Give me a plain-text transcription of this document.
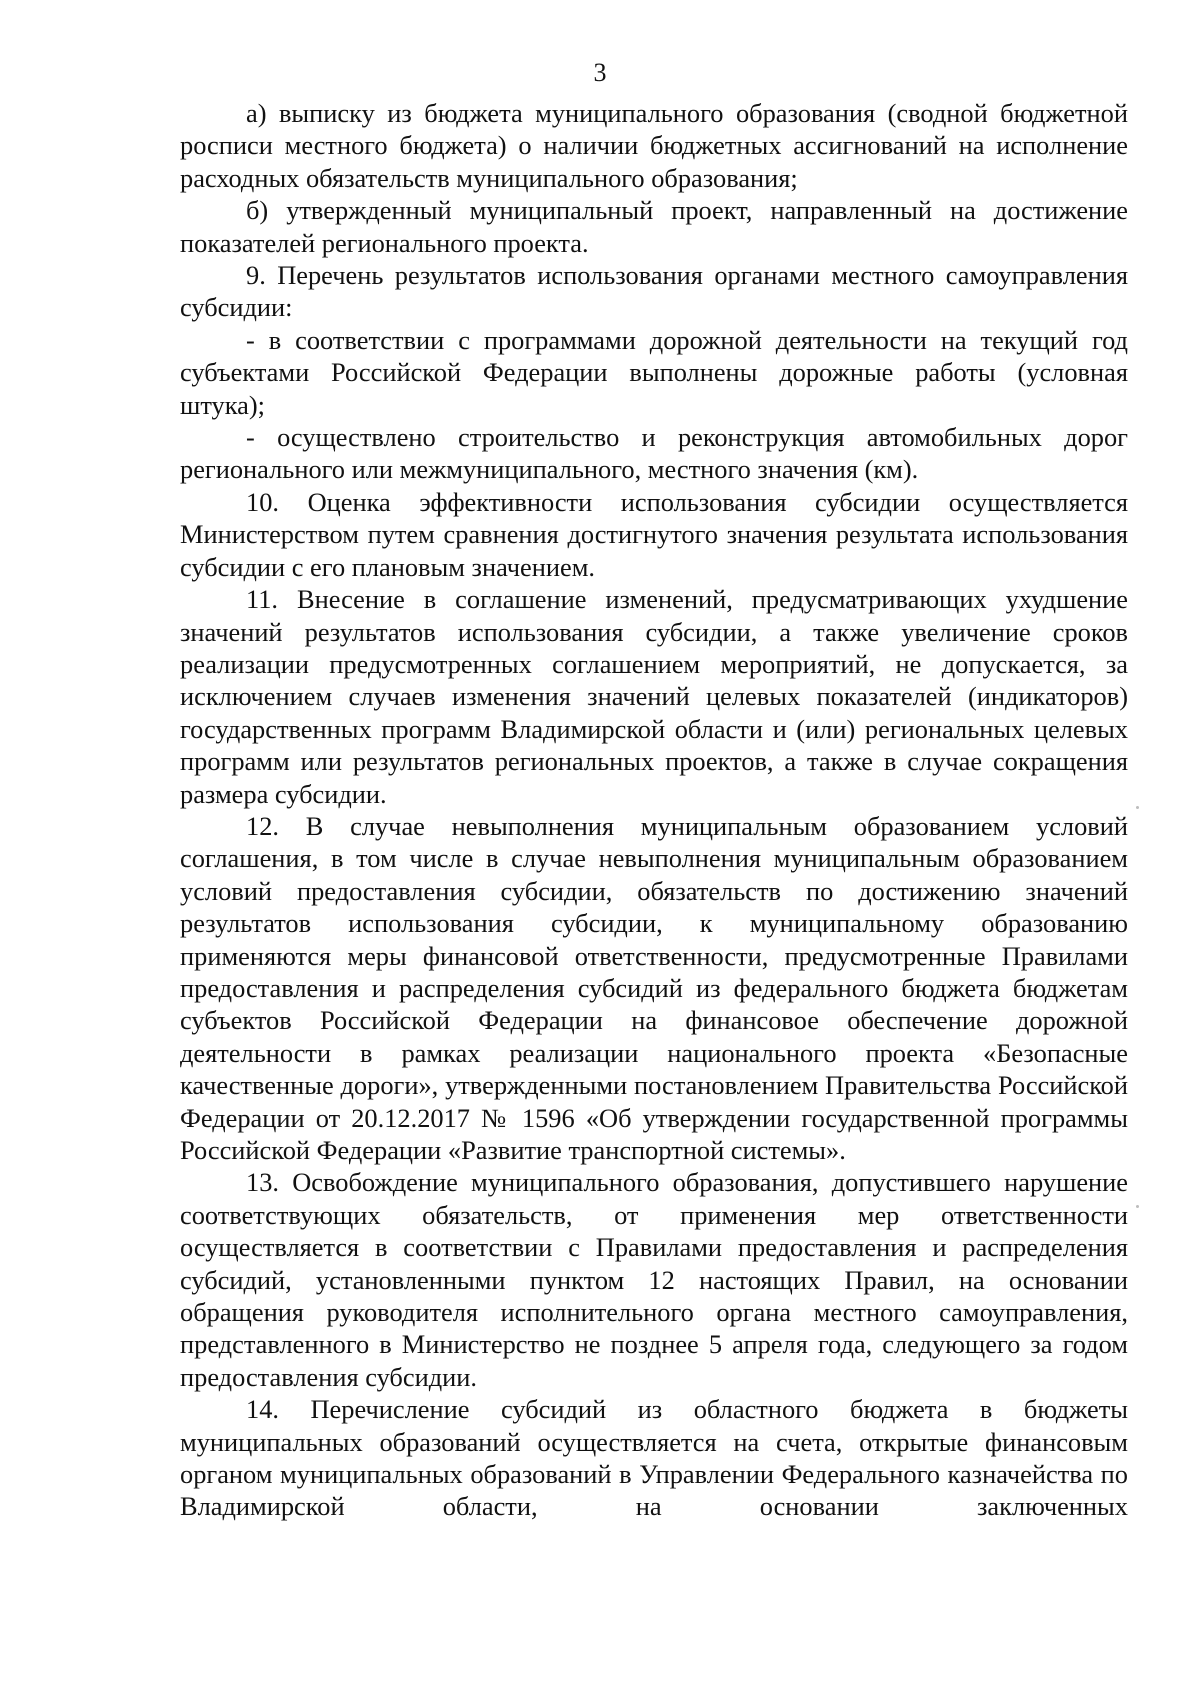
3

а) выписку из бюджета муниципального образования (сводной бюджетной росписи местного бюджета) о наличии бюджетных ассигнований на исполнение расходных обязательств муниципального образования;

б) утвержденный муниципальный проект, направленный на достижение показателей регионального проекта.

9. Перечень результатов использования органами местного самоуправления субсидии:

- в соответствии с программами дорожной деятельности на текущий год субъектами Российской Федерации выполнены дорожные работы (условная штука);

- осуществлено строительство и реконструкция автомобильных дорог регионального или межмуниципального, местного значения (км).

10. Оценка эффективности использования субсидии осуществляется Министерством путем сравнения достигнутого значения результата использования субсидии с его плановым значением.

11. Внесение в соглашение изменений, предусматривающих ухудшение значений результатов использования субсидии, а также увеличение сроков реализации предусмотренных соглашением мероприятий, не допускается, за исключением случаев изменения значений целевых показателей (индикаторов) государственных программ Владимирской области и (или) региональных целевых программ или результатов региональных проектов, а также в случае сокращения размера субсидии.

12. В случае невыполнения муниципальным образованием условий соглашения, в том числе в случае невыполнения муниципальным образованием условий предоставления субсидии, обязательств по достижению значений результатов использования субсидии, к муниципальному образованию применяются меры финансовой ответственности, предусмотренные Правилами предоставления и распределения субсидий из федерального бюджета бюджетам субъектов Российской Федерации на финансовое обеспечение дорожной деятельности в рамках реализации национального проекта «Безопасные качественные дороги», утвержденными постановлением Правительства Российской Федерации от 20.12.2017 № 1596 «Об утверждении государственной программы Российской Федерации «Развитие транспортной системы».

13. Освобождение муниципального образования, допустившего нарушение соответствующих обязательств, от применения мер ответственности осуществляется в соответствии с Правилами предоставления и распределения субсидий, установленными пунктом 12 настоящих Правил, на основании обращения руководителя исполнительного органа местного самоуправления, представленного в Министерство не позднее 5 апреля года, следующего за годом предоставления субсидии.

14. Перечисление субсидий из областного бюджета в бюджеты муниципальных образований осуществляется на счета, открытые финансовым органом муниципальных образований в Управлении Федерального казначейства по Владимирской области, на основании заключенных
